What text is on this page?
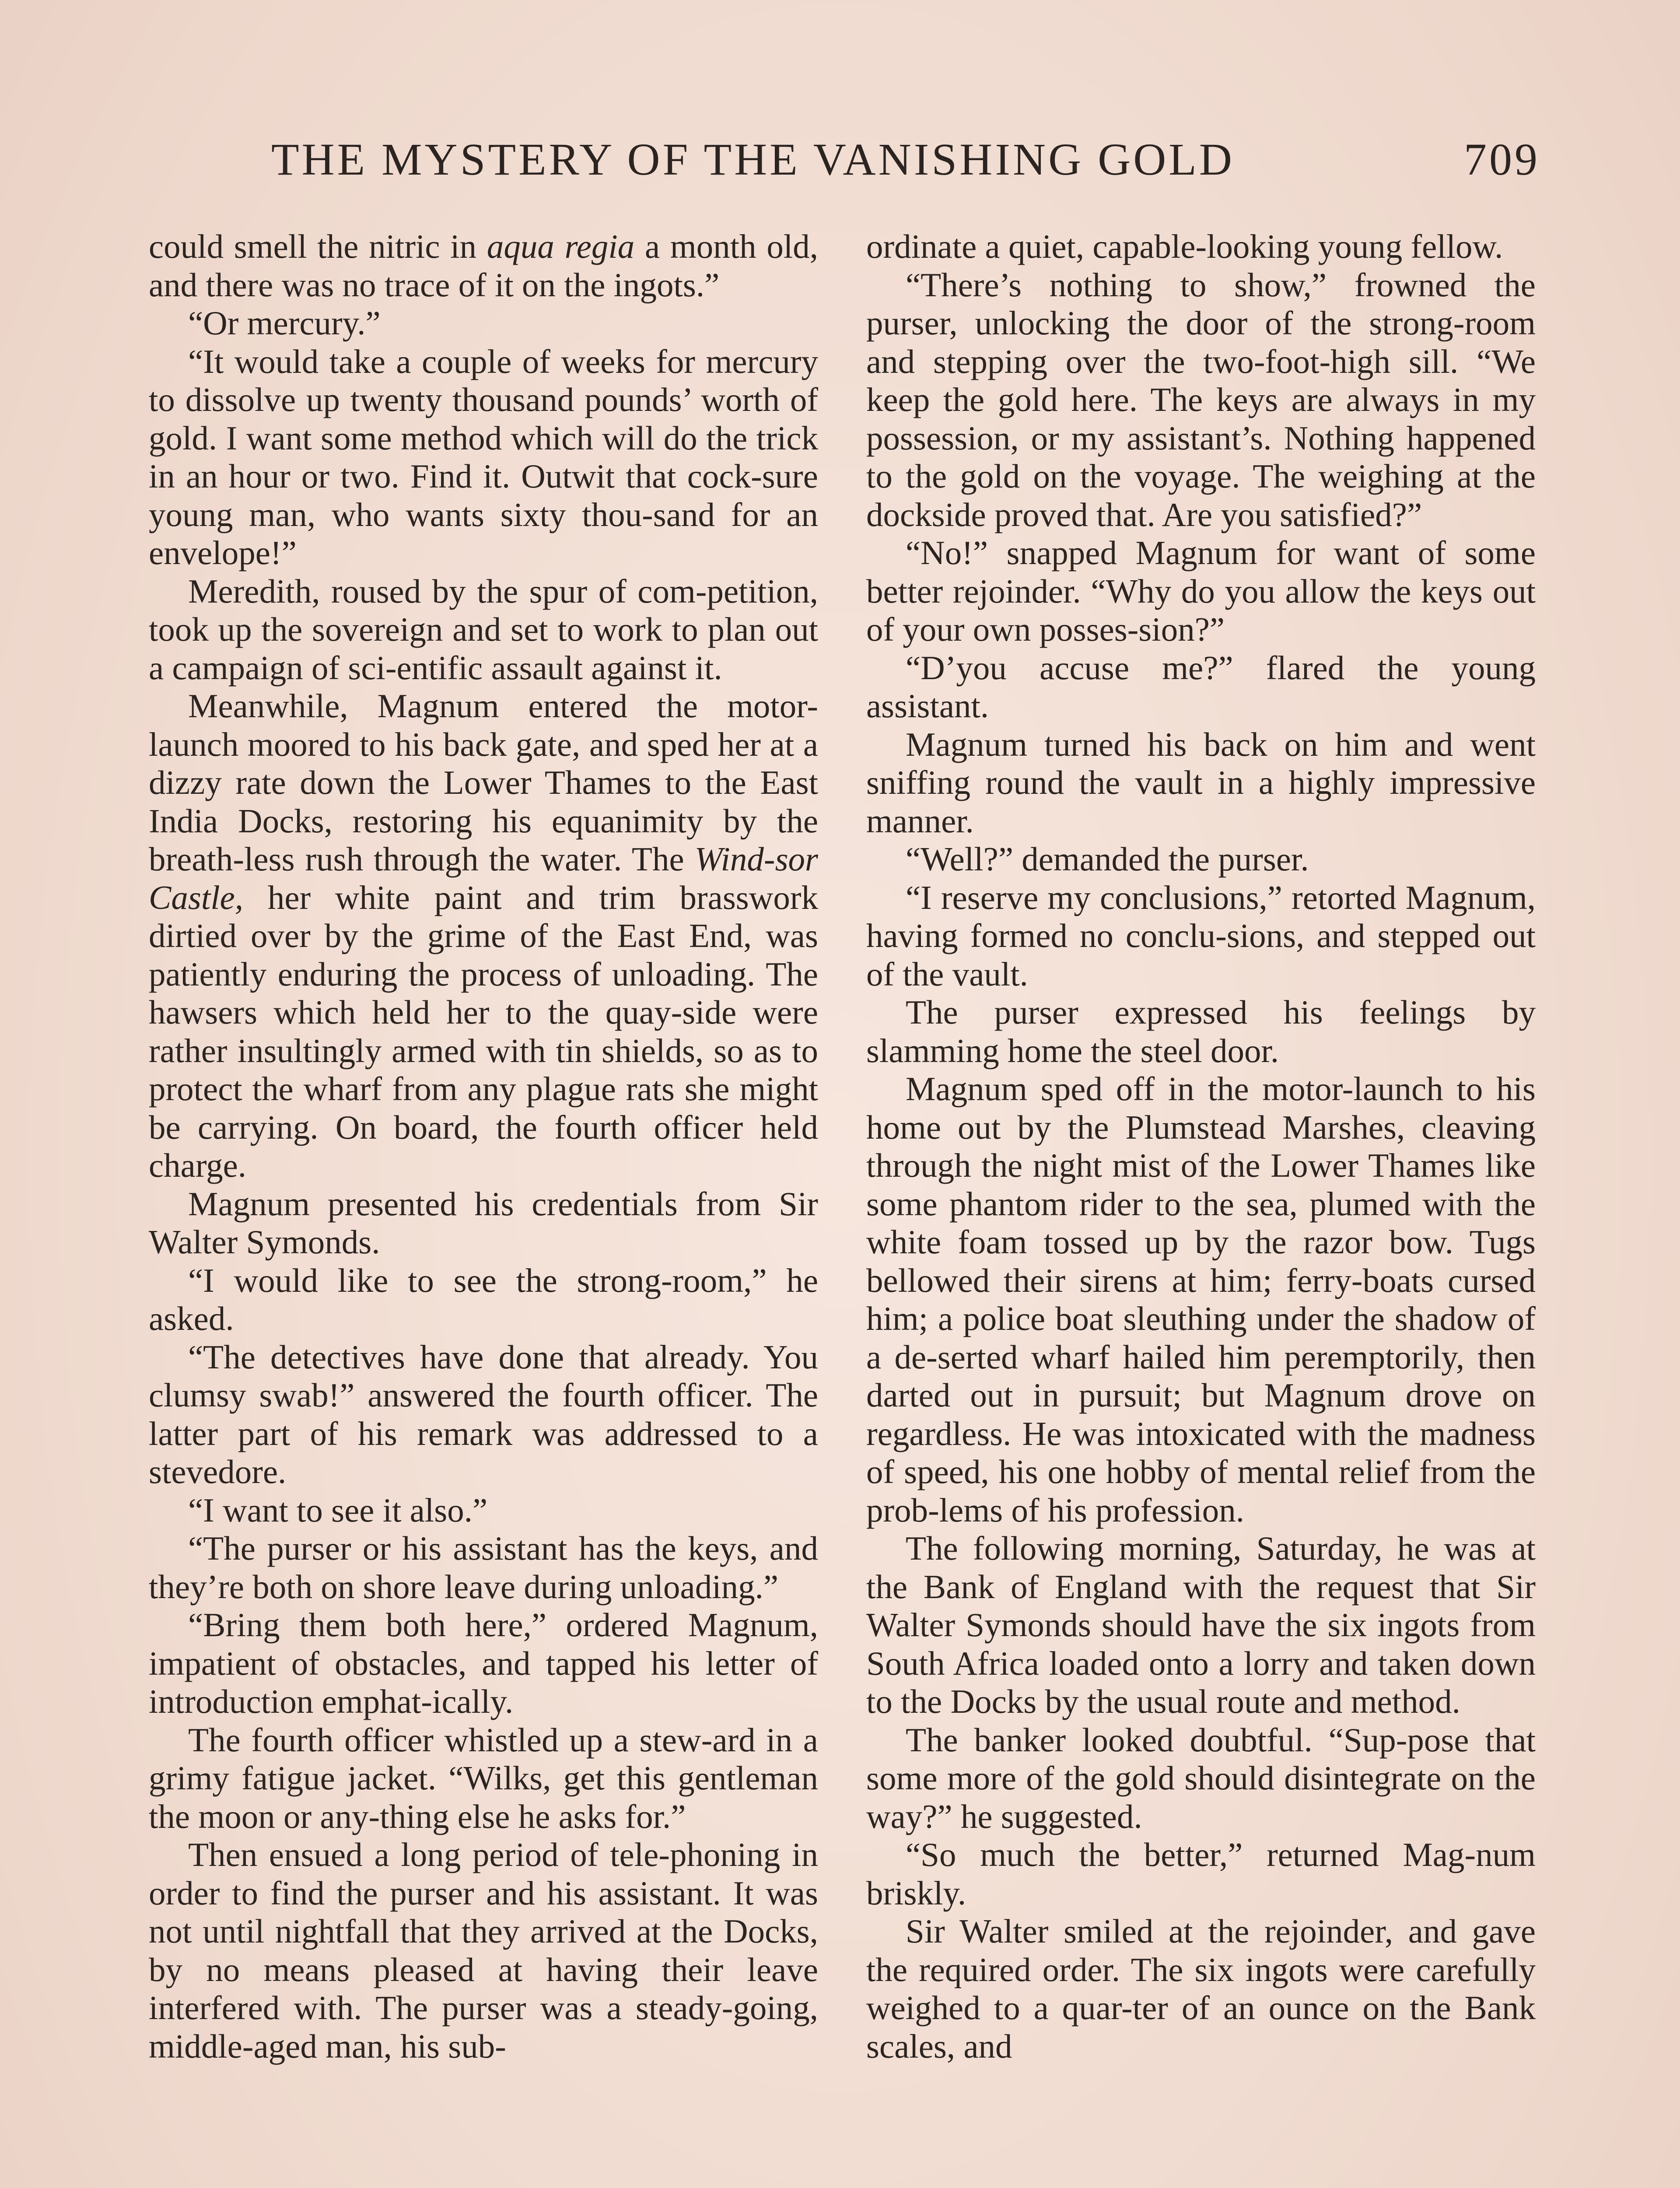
THE MYSTERY OF THE VANISHING GOLD	709

could smell the nitric in aqua regia a month old, and there was no trace of it on the ingots.”

“Or mercury.”

“It would take a couple of weeks for mercury to dissolve up twenty thousand pounds’ worth of gold. I want some method which will do the trick in an hour or two. Find it. Outwit that cock-sure young man, who wants sixty thou-sand for an envelope!”

Meredith, roused by the spur of com-petition, took up the sovereign and set to work to plan out a campaign of sci-entific assault against it.

Meanwhile, Magnum entered the motor-launch moored to his back gate, and sped her at a dizzy rate down the Lower Thames to the East India Docks, restoring his equanimity by the breath-less rush through the water. The Wind-sor Castle, her white paint and trim brasswork dirtied over by the grime of the East End, was patiently enduring the process of unloading. The hawsers which held her to the quay-side were rather insultingly armed with tin shields, so as to protect the wharf from any plague rats she might be carrying. On board, the fourth officer held charge.

Magnum presented his credentials from Sir Walter Symonds.

“I would like to see the strong-room,” he asked.

“The detectives have done that already. You clumsy swab!” answered the fourth officer. The latter part of his remark was addressed to a stevedore.

“I want to see it also.”

“The purser or his assistant has the keys, and they’re both on shore leave during unloading.”

“Bring them both here,” ordered Magnum, impatient of obstacles, and tapped his letter of introduction emphat-ically.

The fourth officer whistled up a stew-ard in a grimy fatigue jacket. “Wilks, get this gentleman the moon or any-thing else he asks for.”

Then ensued a long period of tele-phoning in order to find the purser and his assistant. It was not until nightfall that they arrived at the Docks, by no means pleased at having their leave interfered with. The purser was a steady-going, middle-aged man, his sub-

ordinate a quiet, capable-looking young fellow.

“There’s nothing to show,” frowned the purser, unlocking the door of the strong-room and stepping over the two-foot-high sill. “We keep the gold here. The keys are always in my possession, or my assistant’s. Nothing happened to the gold on the voyage. The weighing at the dockside proved that. Are you satisfied?”

“No!” snapped Magnum for want of some better rejoinder. “Why do you allow the keys out of your own posses-sion?”

“D’you accuse me?” flared the young assistant.

Magnum turned his back on him and went sniffing round the vault in a highly impressive manner.

“Well?” demanded the purser.

“I reserve my conclusions,” retorted Magnum, having formed no conclu-sions, and stepped out of the vault.

The purser expressed his feelings by slamming home the steel door.

Magnum sped off in the motor-launch to his home out by the Plumstead Marshes, cleaving through the night mist of the Lower Thames like some phantom rider to the sea, plumed with the white foam tossed up by the razor bow. Tugs bellowed their sirens at him; ferry-boats cursed him; a police boat sleuthing under the shadow of a de-serted wharf hailed him peremptorily, then darted out in pursuit; but Magnum drove on regardless. He was intoxicated with the madness of speed, his one hobby of mental relief from the prob-lems of his profession.

The following morning, Saturday, he was at the Bank of England with the request that Sir Walter Symonds should have the six ingots from South Africa loaded onto a lorry and taken down to the Docks by the usual route and method.

The banker looked doubtful. “Sup-pose that some more of the gold should disintegrate on the way?” he suggested.

“So much the better,” returned Mag-num briskly.

Sir Walter smiled at the rejoinder, and gave the required order. The six ingots were carefully weighed to a quar-ter of an ounce on the Bank scales, and
